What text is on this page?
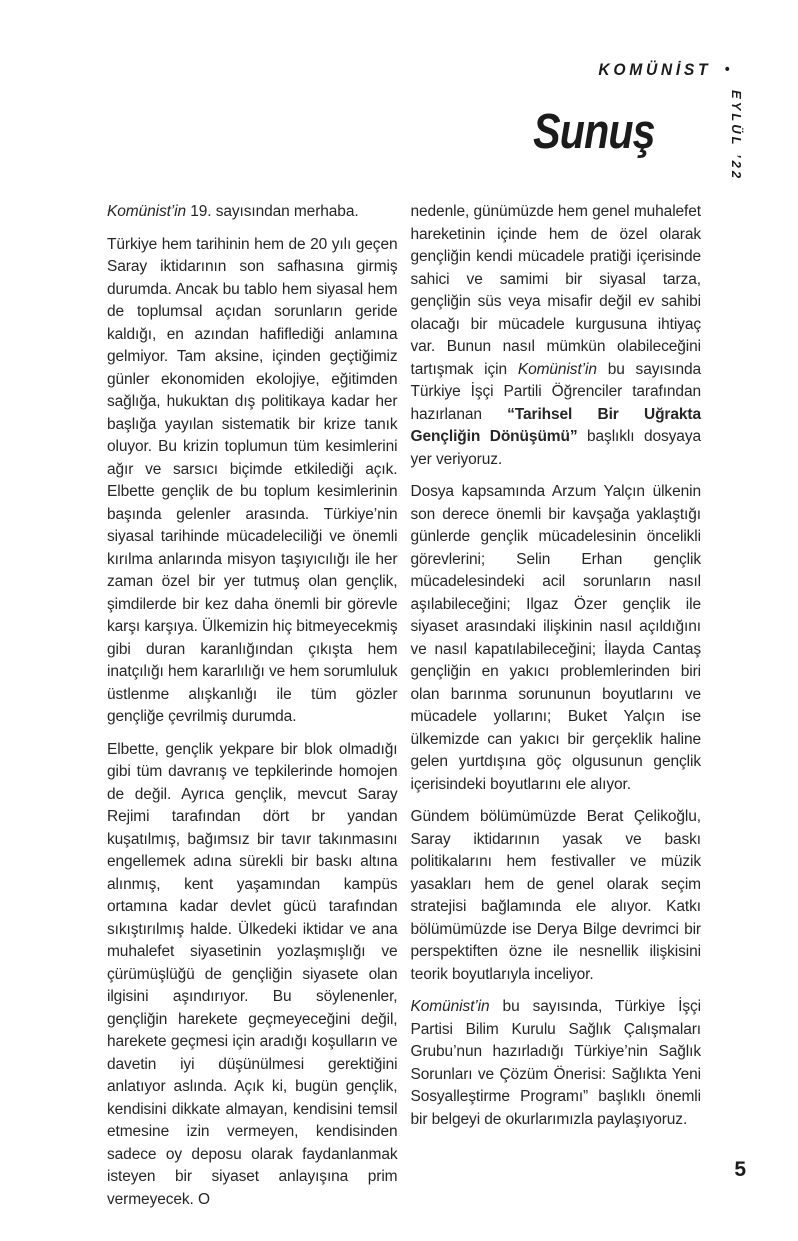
KOMÜNİST •
EYLÜL ’22
Sunuş

Komünist’in 19. sayısından merhaba.

Türkiye hem tarihinin hem de 20 yılı geçen Saray iktidarının son safhasına girmiş durumda. Ancak bu tablo hem siyasal hem de toplumsal açıdan sorunların geride kaldığı, en azından hafiflediği anlamına gelmiyor. Tam aksine, içinden geçtiğimiz günler ekonomiden ekolojiye, eğitimden sağlığa, hukuktan dış politikaya kadar her başlığa yayılan sistematik bir krize tanık oluyor. Bu krizin toplumun tüm kesimlerini ağır ve sarsıcı biçimde etkilediği açık. Elbette gençlik de bu toplum kesimlerinin başında gelenler arasında. Türkiye’nin siyasal tarihinde mücadeleciliği ve önemli kırılma anlarında misyon taşıyıcılığı ile her zaman özel bir yer tutmuş olan gençlik, şimdilerde bir kez daha önemli bir görevle karşı karşıya. Ülkemizin hiç bitmeyecekmiş gibi duran karanlığından çıkışta hem inatçılığı hem kararlılığı ve hem sorumluluk üstlenme alışkanlığı ile tüm gözler gençliğe çevrilmiş durumda.

Elbette, gençlik yekpare bir blok olmadığı gibi tüm davranış ve tepkilerinde homojen de değil. Ayrıca gençlik, mevcut Saray Rejimi tarafından dört br yandan kuşatılmış, bağımsız bir tavır takınmasını engellemek adına sürekli bir baskı altına alınmış, kent yaşamından kampüs ortamına kadar devlet gücü tarafından sıkıştırılmış halde. Ülkedeki iktidar ve ana muhalefet siyasetinin yozlaşmışlığı ve çürümüşlüğü de gençliğin siyasete olan ilgisini aşındırıyor. Bu söylenenler, gençliğin harekete geçmeyeceğini değil, harekete geçmesi için aradığı koşulların ve davetin iyi düşünülmesi gerektiğini anlatıyor aslında. Açık ki, bugün gençlik, kendisini dikkate almayan, kendisini temsil etmesine izin vermeyen, kendisinden sadece oy deposu olarak faydanlanmak isteyen bir siyaset anlayışına prim vermeyecek. O

nedenle, günümüzde hem genel muhalefet hareketinin içinde hem de özel olarak gençliğin kendi mücadele pratiği içerisinde sahici ve samimi bir siyasal tarza, gençliğin süs veya misafir değil ev sahibi olacağı bir mücadele kurgusuna ihtiyaç var. Bunun nasıl mümkün olabileceğini tartışmak için Komünist’in bu sayısında Türkiye İşçi Partili Öğrenciler tarafından hazırlanan “Tarihsel Bir Uğrakta Gençliğin Dönüşümü” başlıklı dosyaya yer veriyoruz.

Dosya kapsamında Arzum Yalçın ülkenin son derece önemli bir kavşağa yaklaştığı günlerde gençlik mücadelesinin öncelikli görevlerini; Selin Erhan gençlik mücadelesindeki acil sorunların nasıl aşılabileceğini; Ilgaz Özer gençlik ile siyaset arasındaki ilişkinin nasıl açıldığını ve nasıl kapatılabileceğini; İlayda Cantaş gençliğin en yakıcı problemlerinden biri olan barınma sorununun boyutlarını ve mücadele yollarını; Buket Yalçın ise ülkemizde can yakıcı bir gerçeklik haline gelen yurtdışına göç olgusunun gençlik içerisindeki boyutlarını ele alıyor.

Gündem bölümümüzde Berat Çelikoğlu, Saray iktidarının yasak ve baskı politikalarını hem festivaller ve müzik yasakları hem de genel olarak seçim stratejisi bağlamında ele alıyor. Katkı bölümümüzde ise Derya Bilge devrimci bir perspektiften özne ile nesnellik ilişkisini teorik boyutlarıyla inceliyor.

Komünist’in bu sayısında, Türkiye İşçi Partisi Bilim Kurulu Sağlık Çalışmaları Grubu’nun hazırladığı Türkiye’nin Sağlık Sorunları ve Çözüm Önerisi: Sağlıkta Yeni Sosyalleştirme Programı” başlıklı önemli bir belgeyi de okurlarımızla paylaşıyoruz.

5
